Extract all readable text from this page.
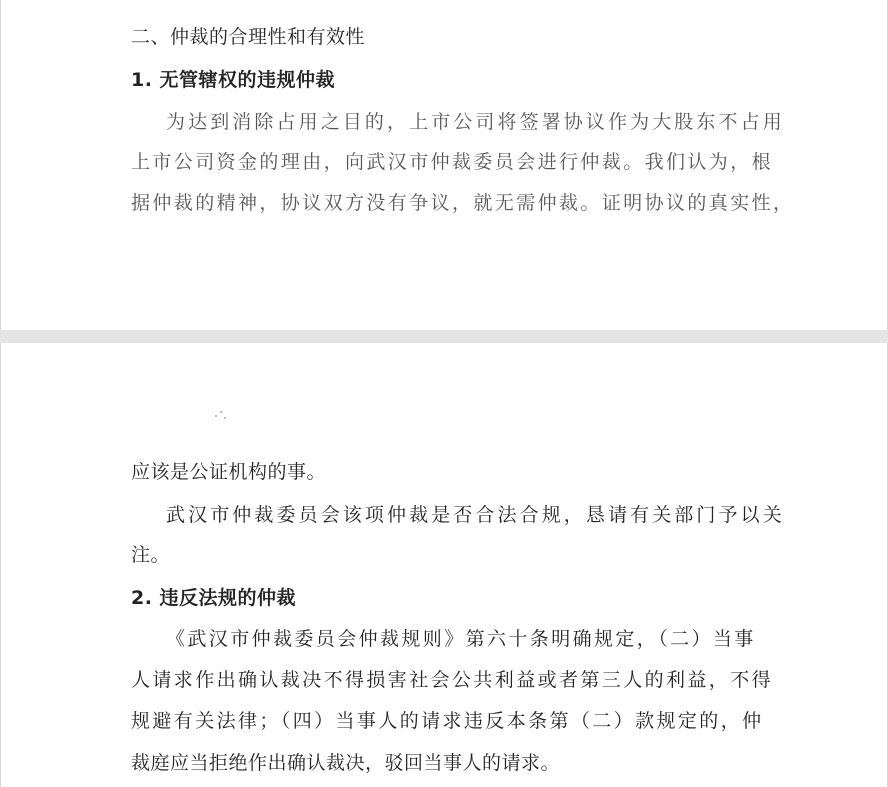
二、仲裁的合理性和有效性
1. 无管辖权的违规仲裁
为达到消除占用之目的，上市公司将签署协议作为大股东不占用
上市公司资金的理由，向武汉市仲裁委员会进行仲裁。我们认为，根
据仲裁的精神，协议双方没有争议，就无需仲裁。证明协议的真实性，
应该是公证机构的事。
武汉市仲裁委员会该项仲裁是否合法合规，恳请有关部门予以关
注。
2. 违反法规的仲裁
《武汉市仲裁委员会仲裁规则》第六十条明确规定，（二）当事
人请求作出确认裁决不得损害社会公共利益或者第三人的利益，不得
规避有关法律；（四）当事人的请求违反本条第（二）款规定的，仲
裁庭应当拒绝作出确认裁决，驳回当事人的请求。
